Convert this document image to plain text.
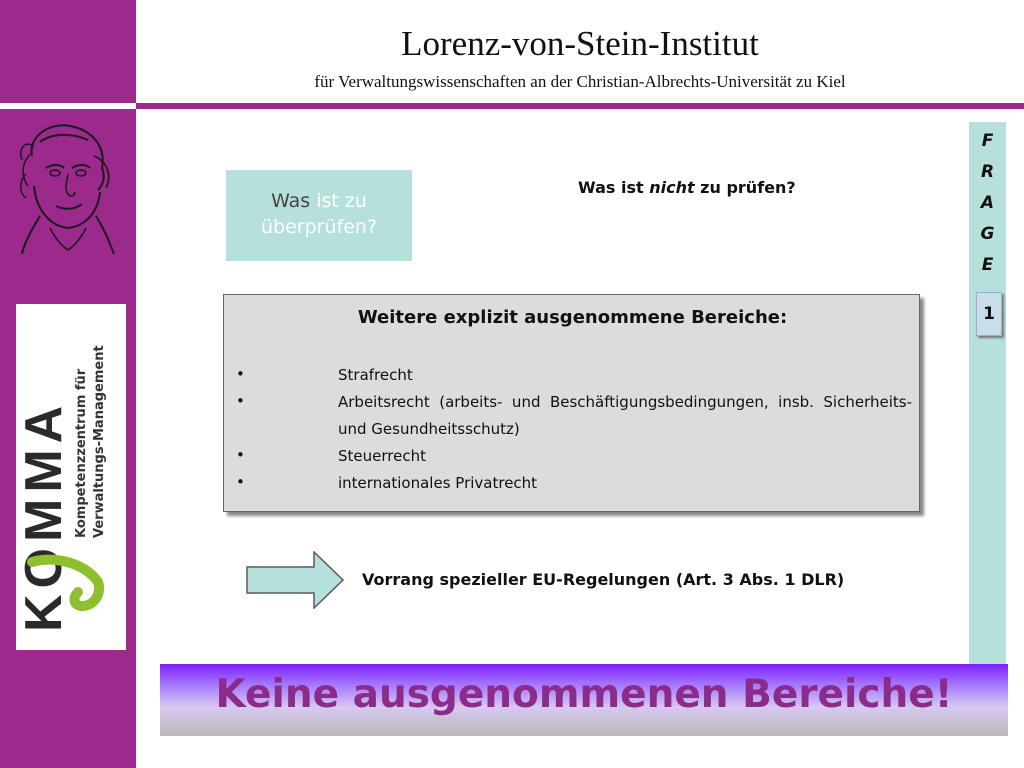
Lorenz-von-Stein-Institut
für Verwaltungswissenschaften an der Christian-Albrechts-Universität zu Kiel
KOMMA Kompetenzzentrum für Verwaltungs-Management
F
R
A
G
E
1
Was ist zu
überprüfen?
Was ist nicht zu prüfen?
Weitere explizit ausgenommene Bereiche:
•	Strafrecht
•	Arbeitsrecht (arbeits- und Beschäftigungsbedingungen, insb. Sicherheits- und Gesundheitsschutz)
•	Steuerrecht
•	internationales Privatrecht
Vorrang spezieller EU-Regelungen (Art. 3 Abs. 1 DLR)
Keine ausgenommenen Bereiche!
